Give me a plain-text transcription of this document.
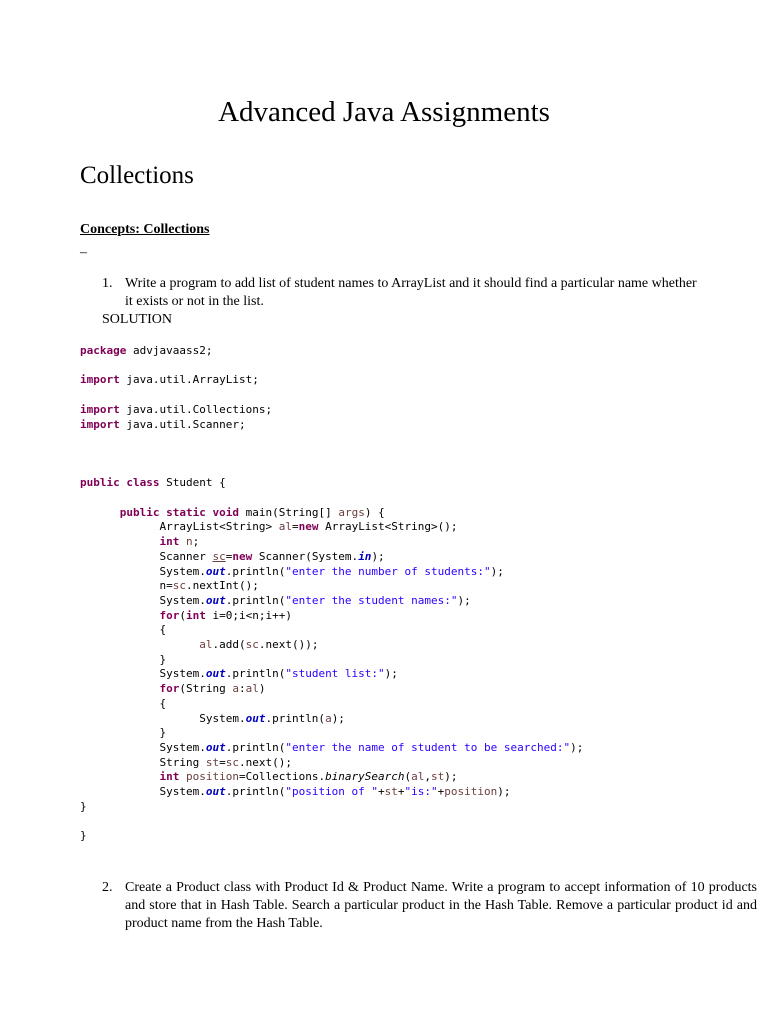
Advanced Java Assignments
Collections
Concepts: Collections
–
1. Write a program to add list of student names to ArrayList and it should find a particular name whether
it exists or not in the list.
SOLUTION
package advjavaass2;

import java.util.ArrayList;

import java.util.Collections;
import java.util.Scanner;

public class Student {

public static void main(String[] args) {
ArrayList<String> al=new ArrayList<String>();
int n;
Scanner sc=new Scanner(System.in);
System.out.println("enter the number of students:");
n=sc.nextInt();
System.out.println("enter the student names:");
for(int i=0;i<n;i++)
{
al.add(sc.next());
}
System.out.println("student list:");
for(String a:al)
{
System.out.println(a);
}
System.out.println("enter the name of student to be searched:");
String st=sc.next();
int position=Collections.binarySearch(al,st);
System.out.println("position of "+st+"is:"+position);
}

}
2. Create a Product class with Product Id & Product Name. Write a program to accept information of 10 products and store that in Hash Table. Search a particular product in the Hash Table. Remove a particular product id and product name from the Hash Table.
